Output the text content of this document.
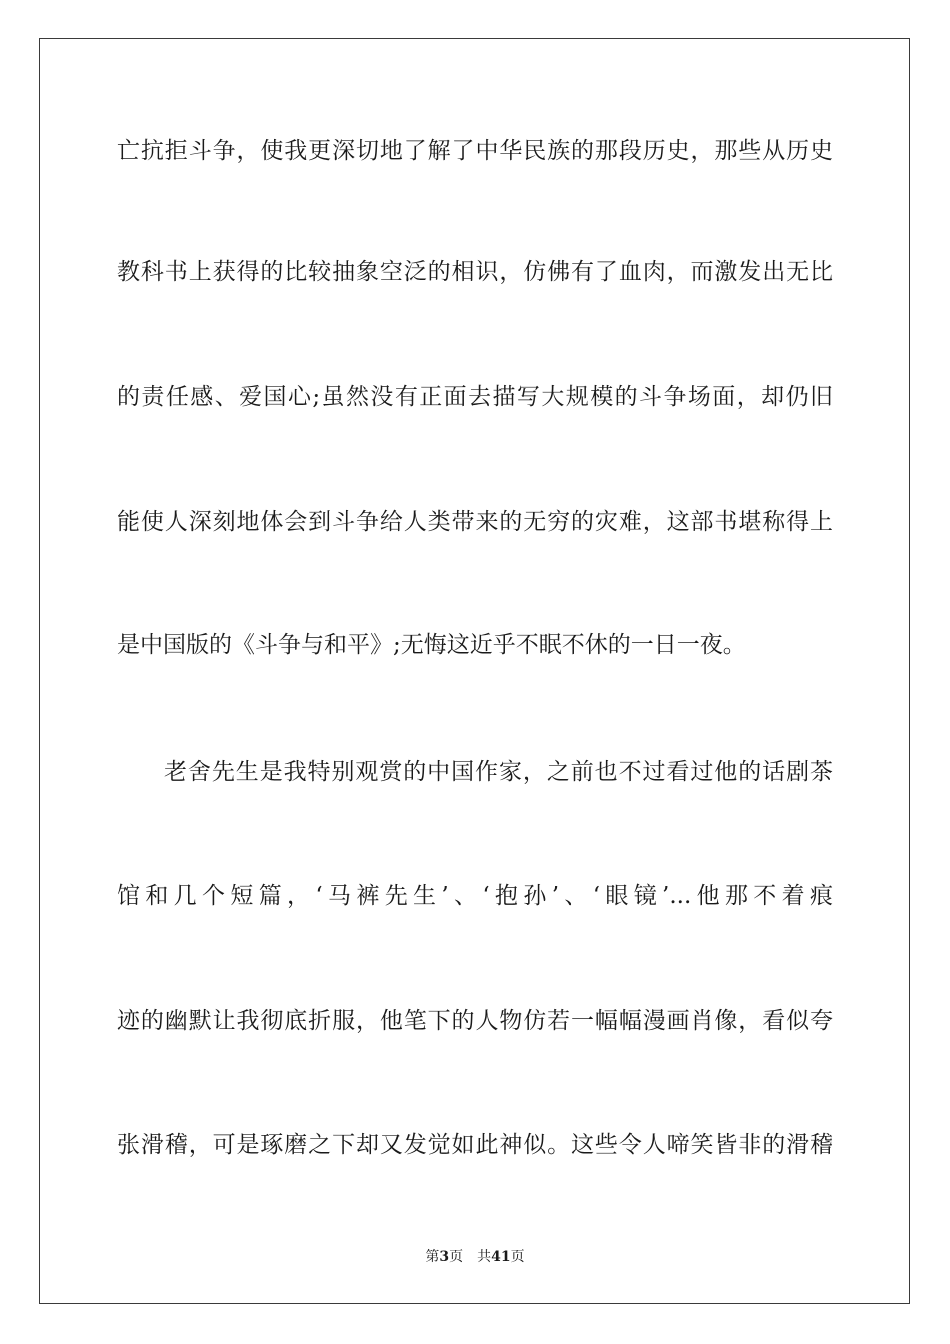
亡抗拒斗争，使我更深切地了解了中华民族的那段历史，那些从历史
教科书上获得的比较抽象空泛的相识，仿佛有了血肉，而激发出无比
的责任感、爱国心;虽然没有正面去描写大规模的斗争场面，却仍旧
能使人深刻地体会到斗争给人类带来的无穷的灾难，这部书堪称得上
是中国版的《斗争与和平》;无悔这近乎不眠不休的一日一夜。
老舍先生是我特别观赏的中国作家，之前也不过看过他的话剧茶
馆和几个短篇，‘马裤先生’、‘抱孙’、‘眼镜’...他那不着痕
迹的幽默让我彻底折服，他笔下的人物仿若一幅幅漫画肖像，看似夸
张滑稽，可是琢磨之下却又发觉如此神似。这些令人啼笑皆非的滑稽
第3页 共41页
